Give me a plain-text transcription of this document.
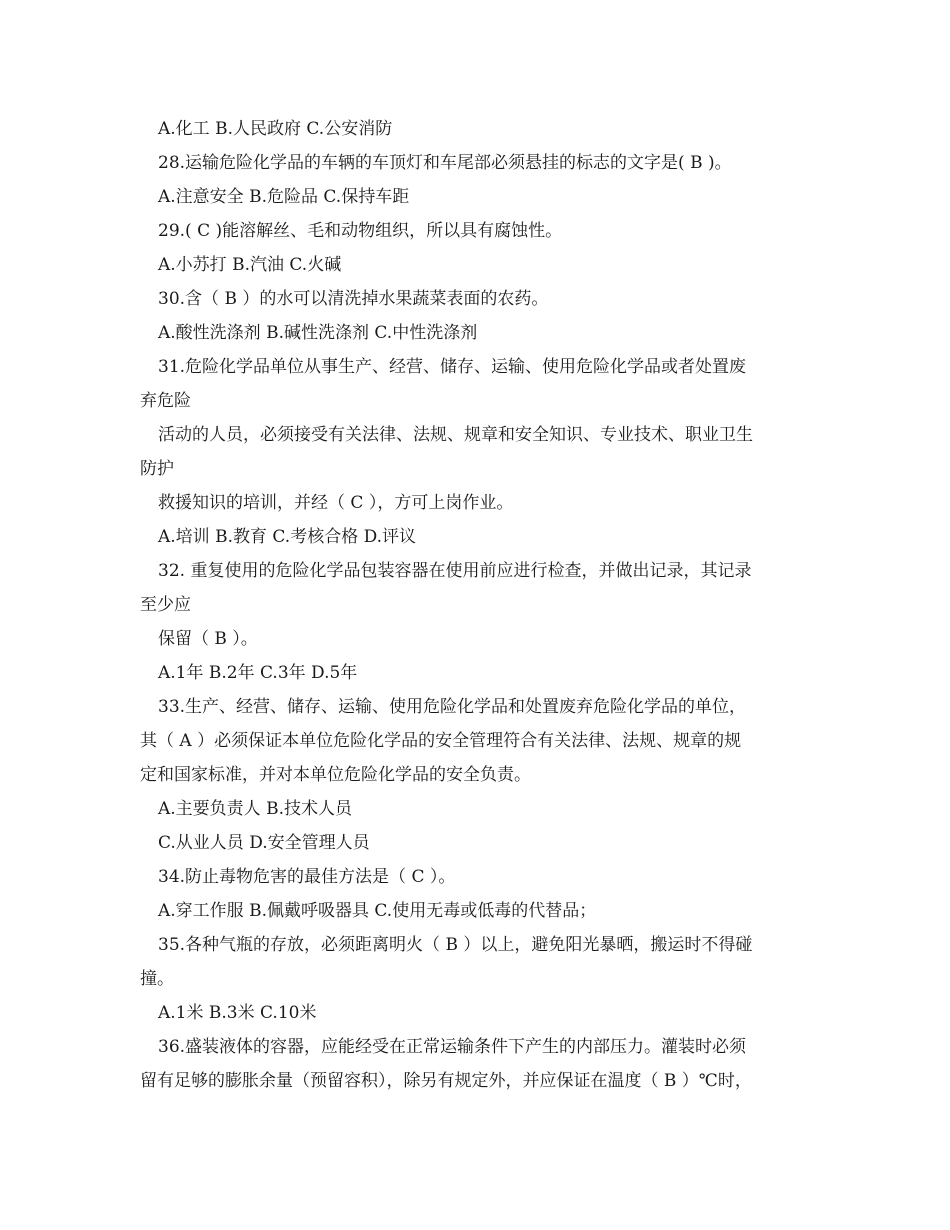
A.化工 B.人民政府 C.公安消防
28.运输危险化学品的车辆的车顶灯和车尾部必须悬挂的标志的文字是( B )。
A.注意安全 B.危险品 C.保持车距
29.( C )能溶解丝、毛和动物组织，所以具有腐蚀性。
A.小苏打 B.汽油 C.火碱
30.含（ B ）的水可以清洗掉水果蔬菜表面的农药。
A.酸性洗涤剂 B.碱性洗涤剂 C.中性洗涤剂
31.危险化学品单位从事生产、经营、储存、运输、使用危险化学品或者处置废
弃危险
活动的人员，必须接受有关法律、法规、规章和安全知识、专业技术、职业卫生
防护
救援知识的培训，并经（ C ），方可上岗作业。
A.培训 B.教育 C.考核合格 D.评议
32. 重复使用的危险化学品包装容器在使用前应进行检查，并做出记录，其记录
至少应
保留（ B ）。
A.1年 B.2年 C.3年 D.5年
33.生产、经营、储存、运输、使用危险化学品和处置废弃危险化学品的单位，
其（ A ）必须保证本单位危险化学品的安全管理符合有关法律、法规、规章的规
定和国家标准，并对本单位危险化学品的安全负责。
A.主要负责人 B.技术人员
C.从业人员 D.安全管理人员
34.防止毒物危害的最佳方法是（ C ）。
A.穿工作服 B.佩戴呼吸器具 C.使用无毒或低毒的代替品；
35.各种气瓶的存放，必须距离明火（ B ）以上，避免阳光暴晒，搬运时不得碰
撞。
A.1米 B.3米 C.10米
36.盛装液体的容器，应能经受在正常运输条件下产生的内部压力。灌装时必须
留有足够的膨胀余量（预留容积），除另有规定外，并应保证在温度（ B ）℃时，
